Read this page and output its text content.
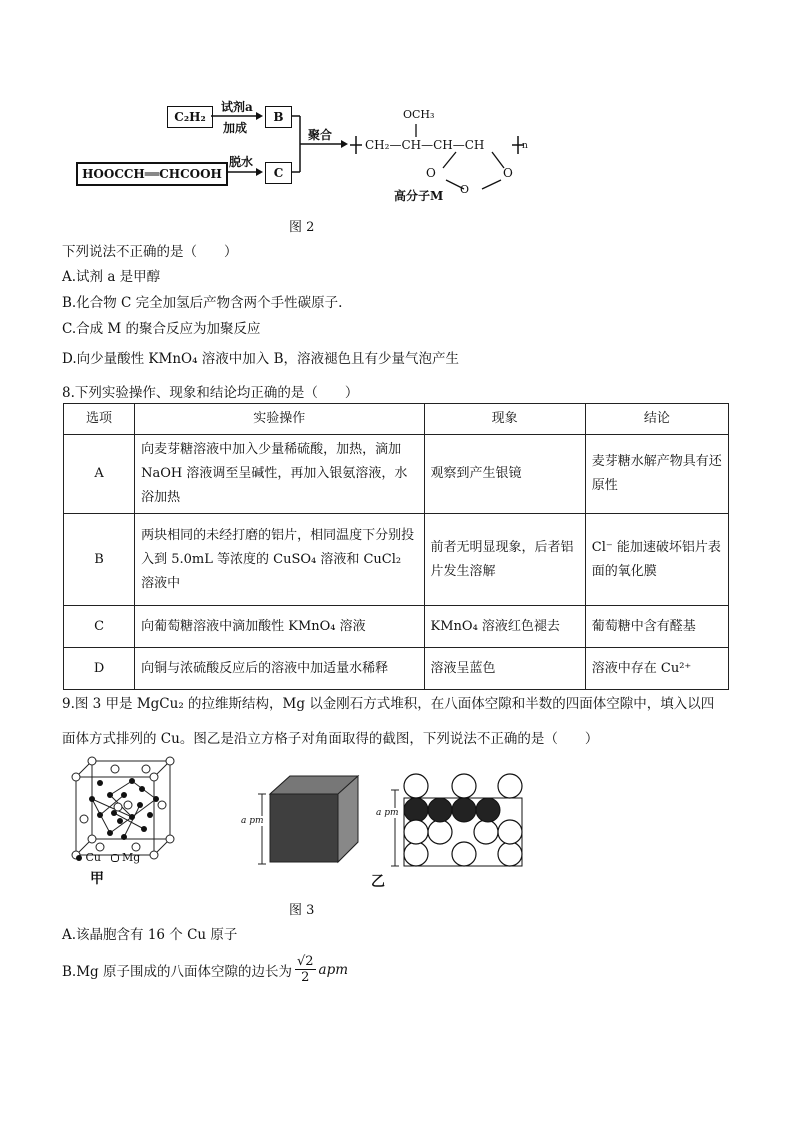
C₂H₂
试剂a
加成
B
HOOCCH══CHCOOH
脱水
C
聚合
OCH₃
CH₂—CH—CH—CH	n
O	O
O
高分子M
图 2
下列说法不正确的是（　　）
A.试剂 a 是甲醇
B.化合物 C 完全加氢后产物含两个手性碳原子.
C.合成 M 的聚合反应为加聚反应
D.向少量酸性 KMnO₄ 溶液中加入 B，溶液褪色且有少量气泡产生
8.下列实验操作、现象和结论均正确的是（　　）
选项	实验操作	现象	结论
A	向麦芽糖溶液中加入少量稀硫酸，加热，滴加 NaOH 溶液调至呈碱性，再加入银氨溶液，水浴加热	观察到产生银镜	麦芽糖水解产物具有还原性
B	两块相同的未经打磨的铝片，相同温度下分别投入到 5.0mL 等浓度的 CuSO₄ 溶液和 CuCl₂ 溶液中	前者无明显现象，后者铝片发生溶解	Cl⁻ 能加速破坏铝片表面的氧化膜
C	向葡萄糖溶液中滴加酸性 KMnO₄ 溶液	KMnO₄ 溶液红色褪去	葡萄糖中含有醛基
D	向铜与浓硫酸反应后的溶液中加适量水稀释	溶液呈蓝色	溶液中存在 Cu²⁺
9.图 3 甲是 MgCu₂ 的拉维斯结构，Mg 以金刚石方式堆积，在八面体空隙和半数的四面体空隙中，填入以四
面体方式排列的 Cu。图乙是沿立方格子对角面取得的截图，下列说法不正确的是（　　）
Cu Mg
甲
a pm
a pm
乙
图 3
A.该晶胞含有 16 个 Cu 原子
B.Mg 原子围成的八面体空隙的边长为 $\frac{√2}{2}$ apm
